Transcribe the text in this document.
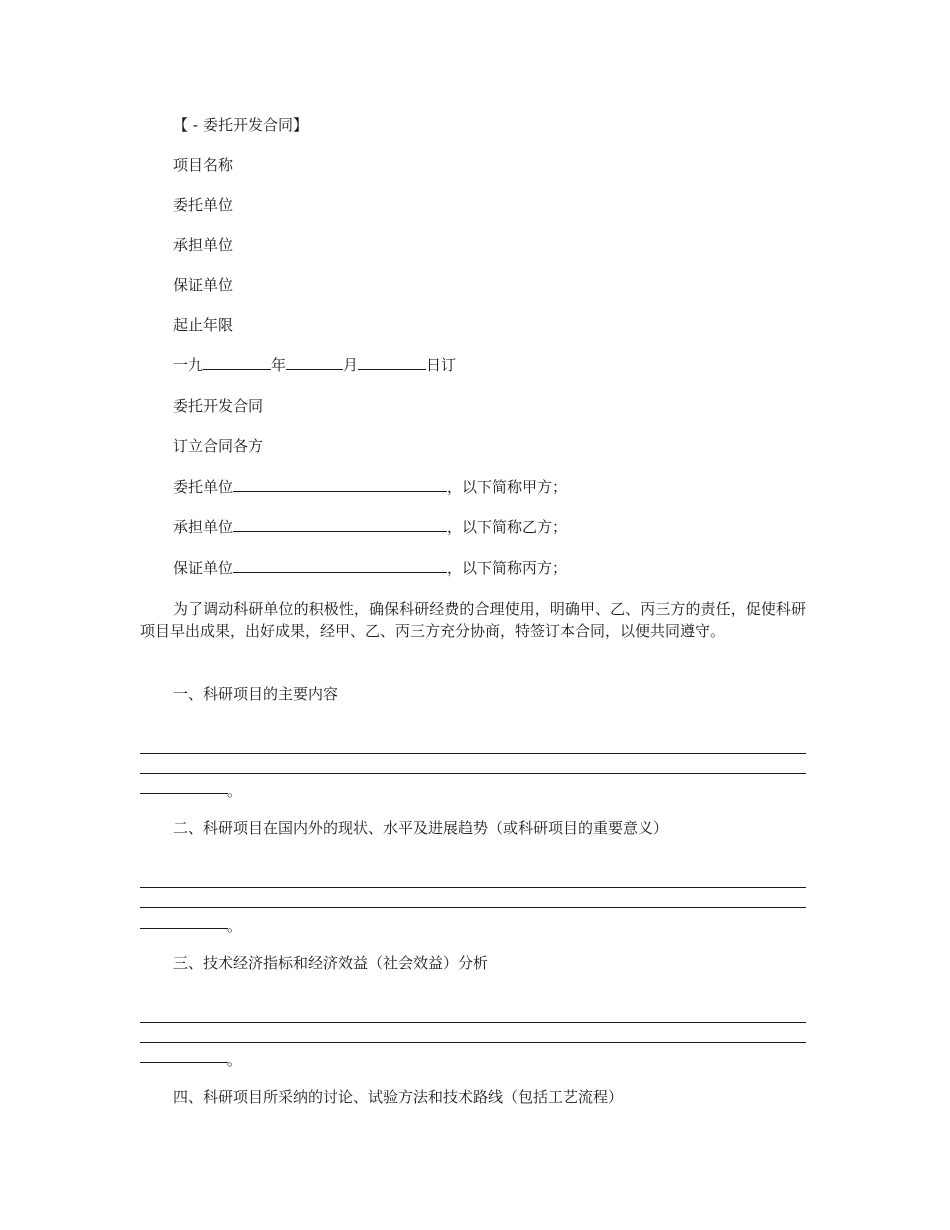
【 - 委托开发合同】
项目名称
委托单位
承担单位
保证单位
起止年限
一九	年	月	日订
委托开发合同
订立合同各方
委托单位	，以下简称甲方；
承担单位	，以下简称乙方；
保证单位	，以下简称丙方；
为了调动科研单位的积极性，确保科研经费的合理使用，明确甲、乙、丙三方的责任，促使科研项目早出成果，出好成果，经甲、乙、丙三方充分协商，特签订本合同，以便共同遵守。
一、科研项目的主要内容
。
二、科研项目在国内外的现状、水平及进展趋势（或科研项目的重要意义）
。
三、技术经济指标和经济效益（社会效益）分析
。
四、科研项目所采纳的讨论、试验方法和技术路线（包括工艺流程）
